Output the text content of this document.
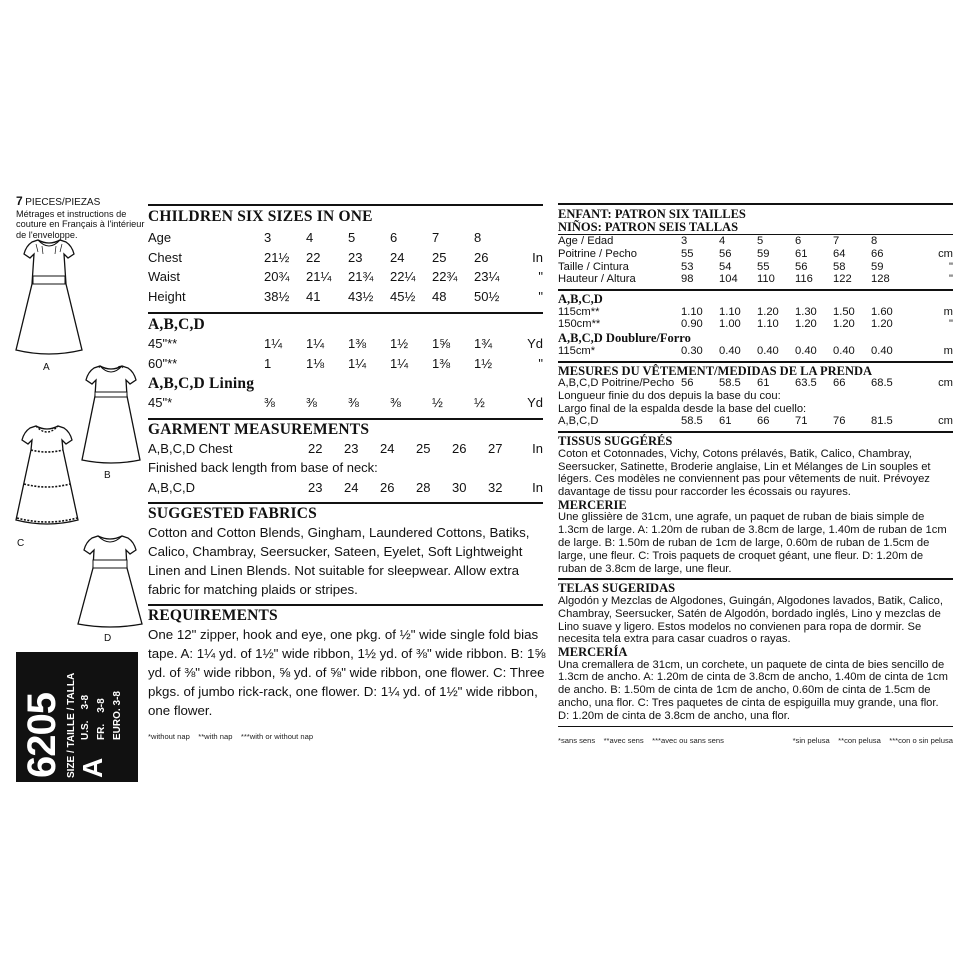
7 PIECES/PIEZAS
Métrages et instructions de couture en Français à l'intérieur de l'enveloppe.
A
B
C
D
6205 SIZE / TAILLE / TALLA A
U.S.    3-8 FR.    3-8 EURO. 3-8
CHILDREN SIX SIZES IN ONE
Age	3	4	5	6	7	8	
Chest	21½	22	23	24	25	26	In
Waist	20¾	21¼	21¾	22¼	22¾	23¼	"
Height	38½	41	43½	45½	48	50½	"
A,B,C,D
45"**	1¼	1¼	1⅜	1½	1⅝	1¾	Yd
60"**	1	1⅛	1¼	1¼	1⅜	1½	"
A,B,C,D Lining
45"*	⅜	⅜	⅜	⅜	½	½	Yd
GARMENT MEASUREMENTS
A,B,C,D Chest	22	23	24	25	26	27	In
Finished back length from base of neck:
A,B,C,D	23	24	26	28	30	32	In
SUGGESTED FABRICS
Cotton and Cotton Blends, Gingham, Laundered Cottons, Batiks,
Calico, Chambray, Seersucker, Sateen, Eyelet, Soft Lightweight
Linen and Linen Blends. Not suitable for sleepwear. Allow extra
fabric for matching plaids or stripes.
REQUIREMENTS
One 12" zipper, hook and eye, one pkg. of ½" wide single fold bias
tape. A: 1¼ yd. of 1½" wide ribbon, 1½ yd. of ⅜" wide ribbon. B: 1⅝
yd. of ⅜" wide ribbon, ⅝ yd. of ⅝" wide ribbon, one flower. C: Three
pkgs. of jumbo rick-rack, one flower. D: 1¼ yd. of 1½" wide ribbon,
one flower.
*without nap    **with nap    ***with or without nap
ENFANT: PATRON SIX TAILLES
NIÑOS: PATRON SEIS TALLAS
Age / Edad	3	4	5	6	7	8	
Poitrine / Pecho	55	56	59	61	64	66	cm
Taille / Cintura	53	54	55	56	58	59	"
Hauteur / Altura	98	104	110	116	122	128	"
A,B,C,D
115cm**	1.10	1.10	1.20	1.30	1.50	1.60	m
150cm**	0.90	1.00	1.10	1.20	1.20	1.20	"
A,B,C,D Doublure/Forro
115cm*	0.30	0.40	0.40	0.40	0.40	0.40	m
MESURES DU VÊTEMENT/MEDIDAS DE LA PRENDA
A,B,C,D Poitrine/Pecho	56	58.5	61	63.5	66	68.5	cm
Longueur finie du dos depuis la base du cou:
Largo final de la espalda desde la base del cuello:
A,B,C,D	58.5	61	66	71	76	81.5	cm
TISSUS SUGGÉRÉS
Coton et Cotonnades, Vichy, Cotons prélavés, Batik, Calico, Chambray,
Seersucker, Satinette, Broderie anglaise, Lin et Mélanges de Lin souples et
légers. Ces modèles ne conviennent pas pour vêtements de nuit. Prévoyez
davantage de tissu pour raccorder les écossais ou rayures.
MERCERIE
Une glissière de 31cm, une agrafe, un paquet de ruban de biais simple de
1.3cm de large. A: 1.20m de ruban de 3.8cm de large, 1.40m de ruban de 1cm
de large. B: 1.50m de ruban de 1cm de large, 0.60m de ruban de 1.5cm de
large, une fleur. C: Trois paquets de croquet géant, une fleur. D: 1.20m de
ruban de 3.8cm de large, une fleur.
TELAS SUGERIDAS
Algodón y Mezclas de Algodones, Guingán, Algodones lavados, Batik, Calico,
Chambray, Seersucker, Satén de Algodón, bordado inglés, Lino y mezclas de
Lino suave y ligero. Estos modelos no convienen para ropa de dormir. Se
necesita tela extra para casar cuadros o rayas.
MERCERÍA
Una cremallera de 31cm, un corchete, un paquete de cinta de bies sencillo de
1.3cm de ancho. A: 1.20m de cinta de 3.8cm de ancho, 1.40m de cinta de 1cm
de ancho. B: 1.50m de cinta de 1cm de ancho, 0.60m de cinta de 1.5cm de
ancho, una flor. C: Tres paquetes de cinta de espiguilla muy grande, una flor.
D: 1.20m de cinta de 3.8cm de ancho, una flor.
*sans sens    **avec sens    ***avec ou sans sens	*sin pelusa    **con pelusa    ***con o sin pelusa
